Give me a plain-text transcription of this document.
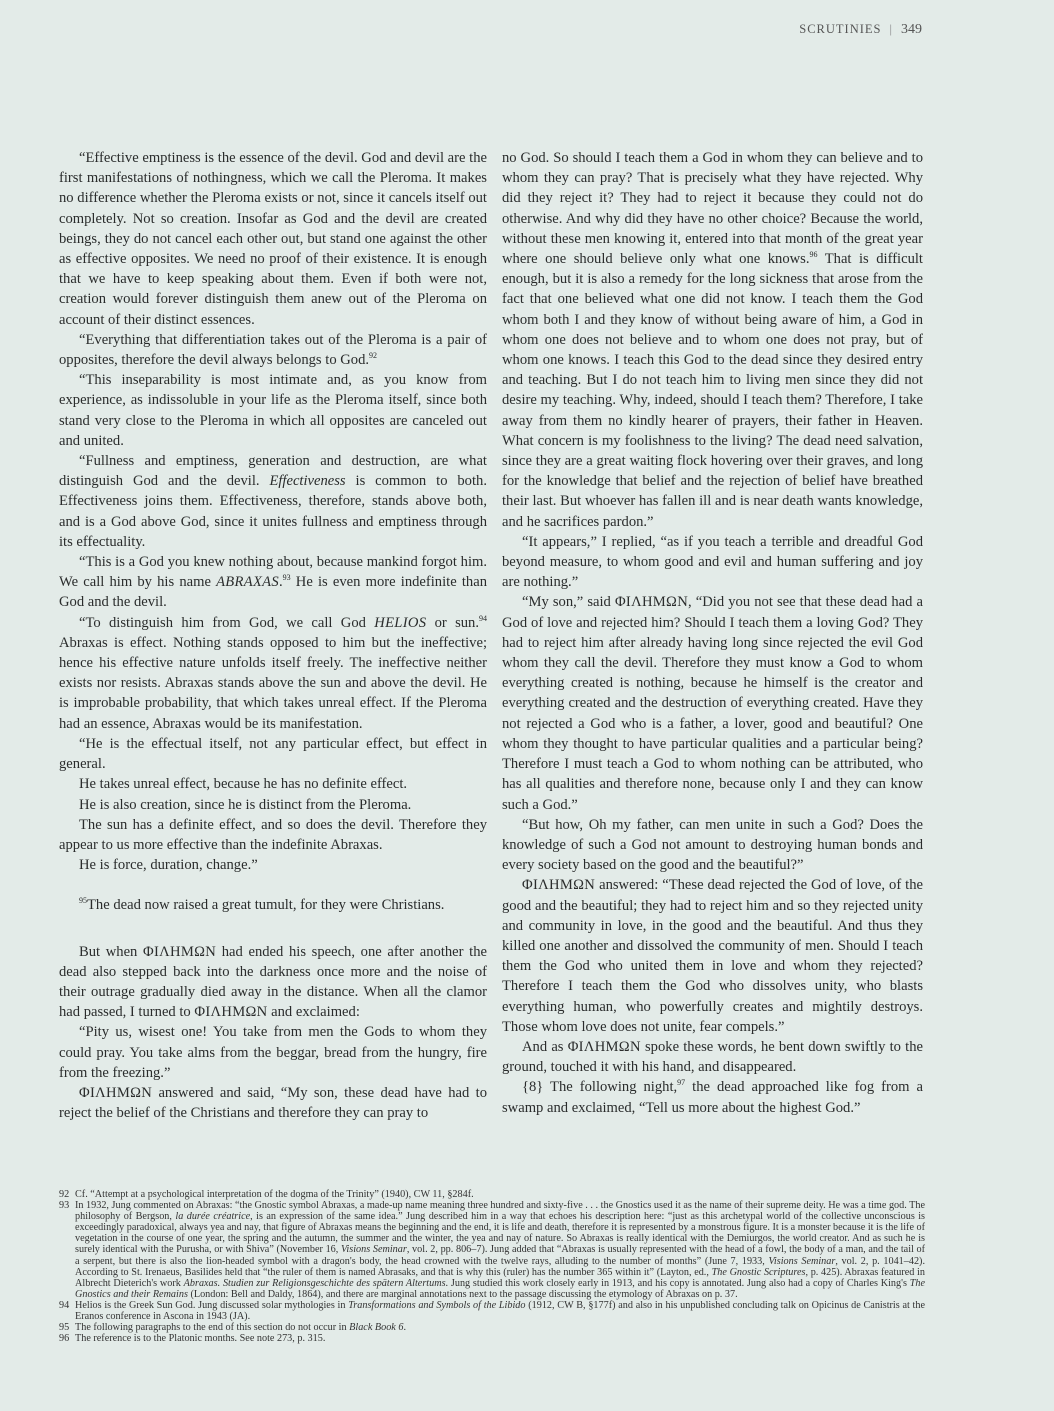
SCRUTINIES | 349

“Effective emptiness is the essence of the devil. God and devil are the first manifestations of nothingness, which we call the Pleroma. It makes no difference whether the Pleroma exists or not, since it cancels itself out completely. Not so creation. Insofar as God and the devil are created beings, they do not cancel each other out, but stand one against the other as effective opposites. We need no proof of their existence. It is enough that we have to keep speaking about them. Even if both were not, creation would forever distinguish them anew out of the Pleroma on account of their distinct essences.

“Everything that differentiation takes out of the Pleroma is a pair of opposites, therefore the devil always belongs to God.$^{92}$

“This inseparability is most intimate and, as you know from experience, as indissoluble in your life as the Pleroma itself, since both stand very close to the Pleroma in which all opposites are canceled out and united.

“Fullness and emptiness, generation and destruction, are what distinguish God and the devil. Effectiveness is common to both. Effectiveness joins them. Effectiveness, therefore, stands above both, and is a God above God, since it unites fullness and emptiness through its effectuality.

“This is a God you knew nothing about, because mankind forgot him. We call him by his name ABRAXAS.$^{93}$ He is even more indefinite than God and the devil.

“To distinguish him from God, we call God HELIOS or sun.$^{94}$ Abraxas is effect. Nothing stands opposed to him but the ineffective; hence his effective nature unfolds itself freely. The ineffective neither exists nor resists. Abraxas stands above the sun and above the devil. He is improbable probability, that which takes unreal effect. If the Pleroma had an essence, Abraxas would be its manifestation.

“He is the effectual itself, not any particular effect, but effect in general.

He takes unreal effect, because he has no definite effect.

He is also creation, since he is distinct from the Pleroma.

The sun has a definite effect, and so does the devil. Therefore they appear to us more effective than the indefinite Abraxas.

He is force, duration, change.”

$^{95}$The dead now raised a great tumult, for they were Christians.

But when ΦΙΛΗΜΩΝ had ended his speech, one after another the dead also stepped back into the darkness once more and the noise of their outrage gradually died away in the distance. When all the clamor had passed, I turned to ΦΙΛΗΜΩΝ and exclaimed:

“Pity us, wisest one! You take from men the Gods to whom they could pray. You take alms from the beggar, bread from the hungry, fire from the freezing.”

ΦΙΛΗΜΩΝ answered and said, “My son, these dead have had to reject the belief of the Christians and therefore they can pray to

no God. So should I teach them a God in whom they can believe and to whom they can pray? That is precisely what they have rejected. Why did they reject it? They had to reject it because they could not do otherwise. And why did they have no other choice? Because the world, without these men knowing it, entered into that month of the great year where one should believe only what one knows.$^{96}$ That is difficult enough, but it is also a remedy for the long sickness that arose from the fact that one believed what one did not know. I teach them the God whom both I and they know of without being aware of him, a God in whom one does not believe and to whom one does not pray, but of whom one knows. I teach this God to the dead since they desired entry and teaching. But I do not teach him to living men since they did not desire my teaching. Why, indeed, should I teach them? Therefore, I take away from them no kindly hearer of prayers, their father in Heaven. What concern is my foolishness to the living? The dead need salvation, since they are a great waiting flock hovering over their graves, and long for the knowledge that belief and the rejection of belief have breathed their last. But whoever has fallen ill and is near death wants knowledge, and he sacrifices pardon.”

“It appears,” I replied, “as if you teach a terrible and dreadful God beyond measure, to whom good and evil and human suffering and joy are nothing.”

“My son,” said ΦΙΛΗΜΩΝ, “Did you not see that these dead had a God of love and rejected him? Should I teach them a loving God? They had to reject him after already having long since rejected the evil God whom they call the devil. Therefore they must know a God to whom everything created is nothing, because he himself is the creator and everything created and the destruction of everything created. Have they not rejected a God who is a father, a lover, good and beautiful? One whom they thought to have particular qualities and a particular being? Therefore I must teach a God to whom nothing can be attributed, who has all qualities and therefore none, because only I and they can know such a God.”

“But how, Oh my father, can men unite in such a God? Does the knowledge of such a God not amount to destroying human bonds and every society based on the good and the beautiful?”

ΦΙΛΗΜΩΝ answered: “These dead rejected the God of love, of the good and the beautiful; they had to reject him and so they rejected unity and community in love, in the good and the beautiful. And thus they killed one another and dissolved the community of men. Should I teach them the God who united them in love and whom they rejected? Therefore I teach them the God who dissolves unity, who blasts everything human, who powerfully creates and mightily destroys. Those whom love does not unite, fear compels.”

And as ΦΙΛΗΜΩΝ spoke these words, he bent down swiftly to the ground, touched it with his hand, and disappeared.

{8} The following night,$^{97}$ the dead approached like fog from a swamp and exclaimed, “Tell us more about the highest God.”

92 Cf. “Attempt at a psychological interpretation of the dogma of the Trinity” (1940), CW 11, §284f.
93 In 1932, Jung commented on Abraxas: “the Gnostic symbol Abraxas, a made-up name meaning three hundred and sixty-five . . . the Gnostics used it as the name of their supreme deity. He was a time god. The philosophy of Bergson, la durée créatrice, is an expression of the same idea.” Jung described him in a way that echoes his description here: “just as this archetypal world of the collective unconscious is exceedingly paradoxical, always yea and nay, that figure of Abraxas means the beginning and the end, it is life and death, therefore it is represented by a monstrous figure. It is a monster because it is the life of vegetation in the course of one year, the spring and the autumn, the summer and the winter, the yea and nay of nature. So Abraxas is really identical with the Demiurgos, the world creator. And as such he is surely identical with the Purusha, or with Shiva” (November 16, Visions Seminar, vol. 2, pp. 806–7). Jung added that “Abraxas is usually represented with the head of a fowl, the body of a man, and the tail of a serpent, but there is also the lion-headed symbol with a dragon's body, the head crowned with the twelve rays, alluding to the number of months” (June 7, 1933, Visions Seminar, vol. 2, p. 1041–42). According to St. Irenaeus, Basilides held that “the ruler of them is named Abrasaks, and that is why this (ruler) has the number 365 within it” (Layton, ed., The Gnostic Scriptures, p. 425). Abraxas featured in Albrecht Dieterich's work Abraxas. Studien zur Religionsgeschichte des spätern Altertums. Jung studied this work closely early in 1913, and his copy is annotated. Jung also had a copy of Charles King's The Gnostics and their Remains (London: Bell and Daldy, 1864), and there are marginal annotations next to the passage discussing the etymology of Abraxas on p. 37.
94 Helios is the Greek Sun God. Jung discussed solar mythologies in Transformations and Symbols of the Libido (1912, CW B, §177f) and also in his unpublished concluding talk on Opicinus de Canistris at the Eranos conference in Ascona in 1943 (JA).
95 The following paragraphs to the end of this section do not occur in Black Book 6.
96 The reference is to the Platonic months. See note 273, p. 315.
